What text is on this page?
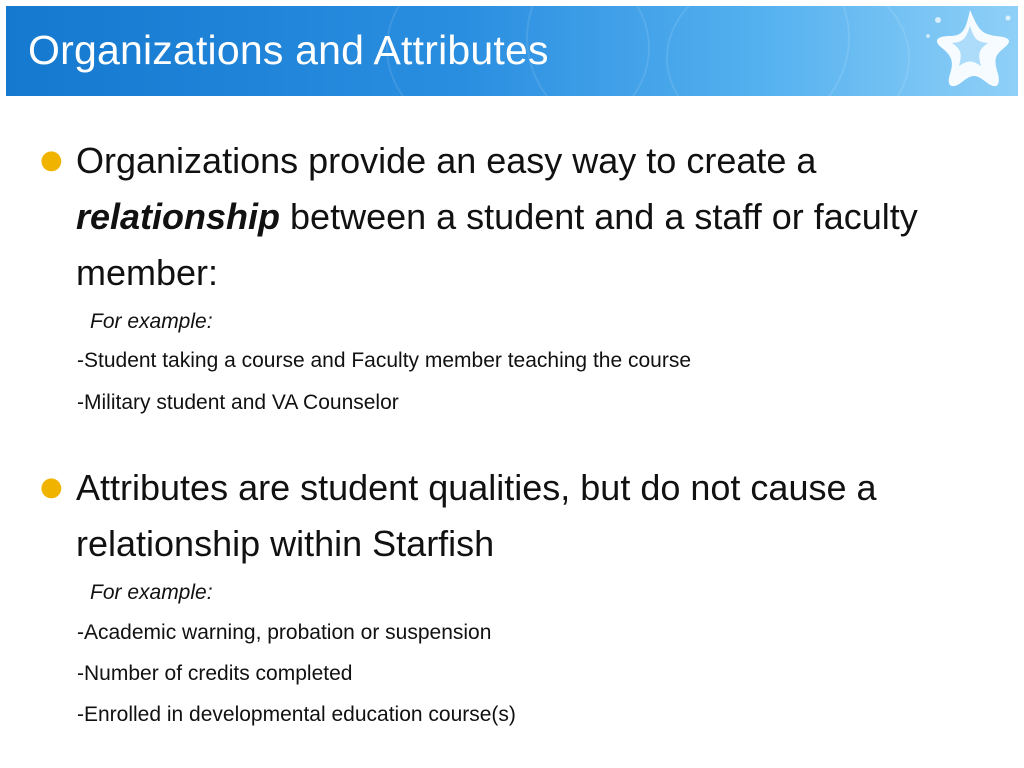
Organizations and Attributes
● Organizations provide an easy way to create a relationship between a student and a staff or faculty member:

For example:
-Student taking a course and Faculty member teaching the course
-Military student and VA Counselor
● Attributes are student qualities, but do not cause a relationship within Starfish

For example:
-Academic warning, probation or suspension
-Number of credits completed
-Enrolled in developmental education course(s)
